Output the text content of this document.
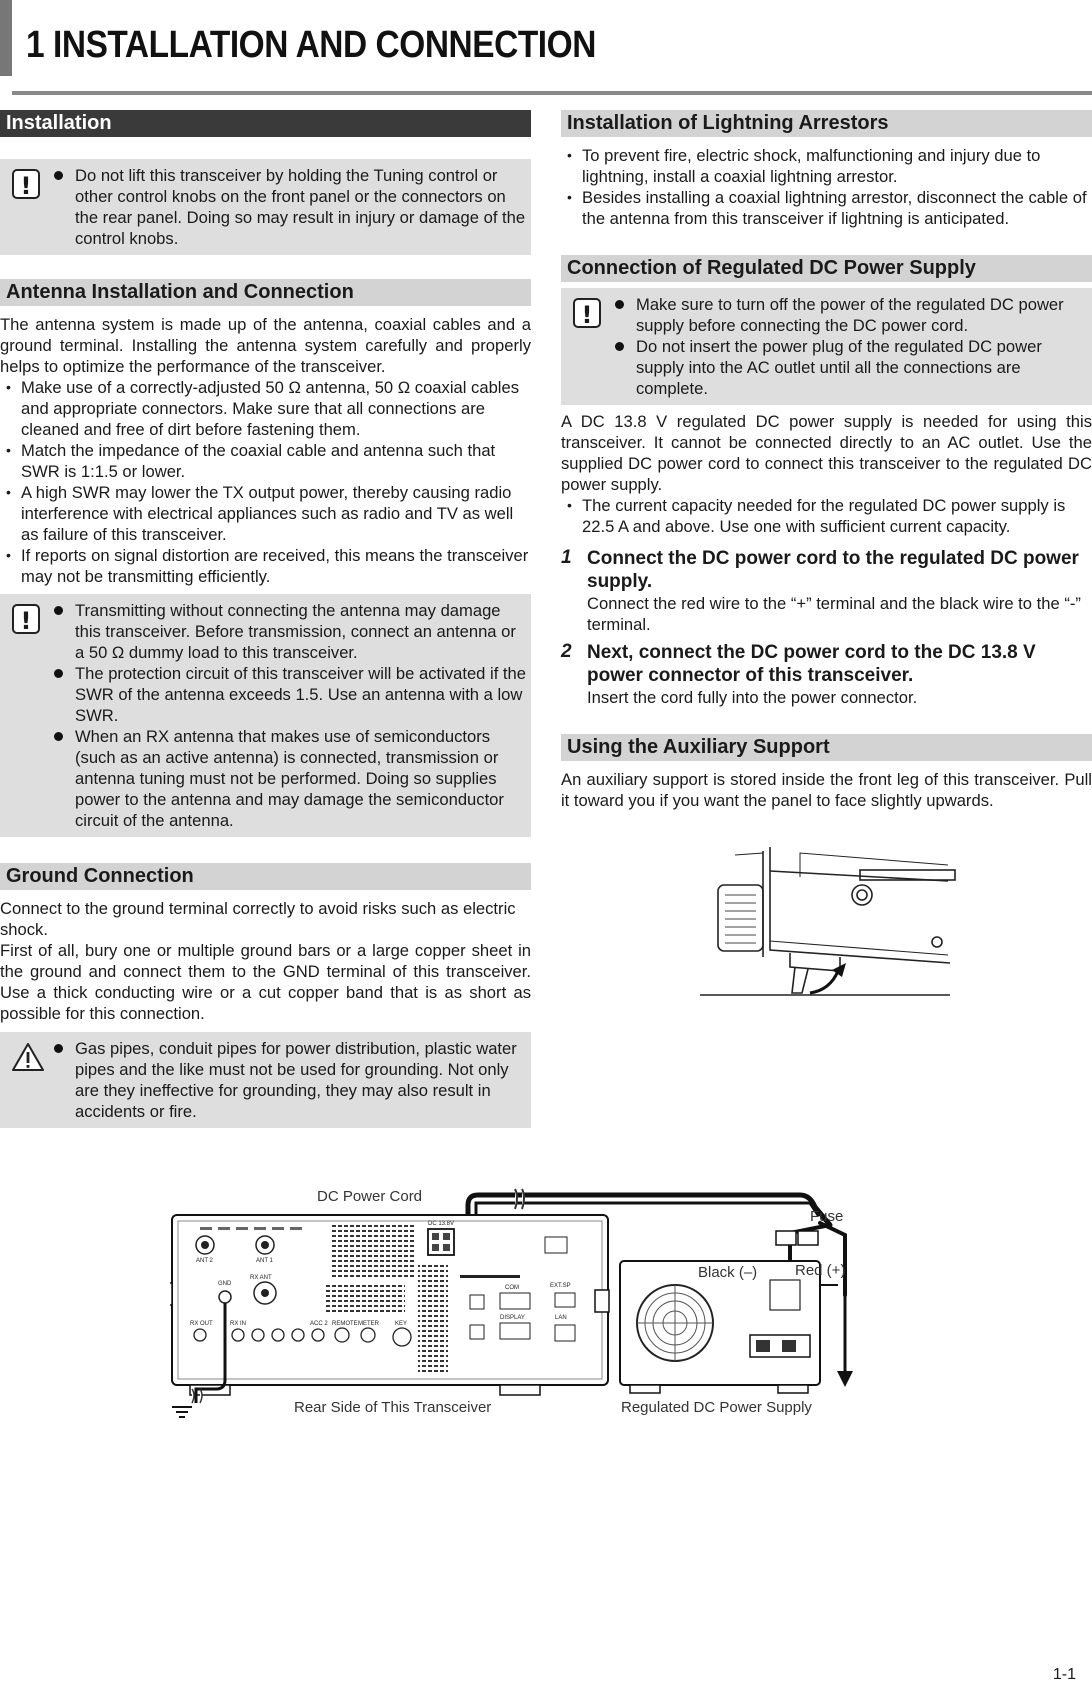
1 INSTALLATION AND CONNECTION
Installation
!	Do not lift this transceiver by holding the Tuning control or other control knobs on the front panel or the connectors on the rear panel. Doing so may result in injury or damage of the control knobs.
Antenna Installation and Connection

The antenna system is made up of the antenna, coaxial cables and a ground terminal. Installing the antenna system carefully and properly helps to optimize the performance of the transceiver.

• Make use of a correctly-adjusted 50 Ω antenna, 50 Ω coaxial cables and appropriate connectors. Make sure that all connections are cleaned and free of dirt before fastening them.
• Match the impedance of the coaxial cable and antenna such that SWR is 1:1.5 or lower.
• A high SWR may lower the TX output power, thereby causing radio interference with electrical appliances such as radio and TV as well as failure of this transceiver.
• If reports on signal distortion are received, this means the transceiver may not be transmitting efficiently.
!	Transmitting without connecting the antenna may damage this transceiver. Before transmission, connect an antenna or a 50 Ω dummy load to this transceiver.
The protection circuit of this transceiver will be activated if the SWR of the antenna exceeds 1.5. Use an antenna with a low SWR.
When an RX antenna that makes use of semiconductors (such as an active antenna) is connected, transmission or antenna tuning must not be performed. Doing so supplies power to the antenna and may damage the semiconductor circuit of the antenna.
Ground Connection

Connect to the ground terminal correctly to avoid risks such as electric shock.

First of all, bury one or multiple ground bars or a large copper sheet in the ground and connect them to the GND terminal of this transceiver. Use a thick conducting wire or a cut copper band that is as short as possible for this connection.

Gas pipes, conduit pipes for power distribution, plastic water pipes and the like must not be used for grounding. Not only are they ineffective for grounding, they may also result in accidents or fire.
Installation of Lightning Arrestors
• To prevent fire, electric shock, malfunctioning and injury due to lightning, install a coaxial lightning arrestor.
• Besides installing a coaxial lightning arrestor, disconnect the cable of the antenna from this transceiver if lightning is anticipated.
Connection of Regulated DC Power Supply
!	Make sure to turn off the power of the regulated DC power supply before connecting the DC power cord.
Do not insert the power plug of the regulated DC power supply into the AC outlet until all the connections are complete.

A DC 13.8 V regulated DC power supply is needed for using this transceiver. It cannot be connected directly to an AC outlet. Use the supplied DC power cord to connect this transceiver to the regulated DC power supply.

• The current capacity needed for the regulated DC power supply is 22.5 A and above. Use one with sufficient current capacity.
1 Connect the DC power cord to the regulated DC power supply.

Connect the red wire to the “+” terminal and the black wire to the “-” terminal.

2 Next, connect the DC power cord to the DC 13.8 V power connector of this transceiver.

Insert the cord fully into the power connector.

Using the Auxiliary Support

An auxiliary support is stored inside the front leg of this transceiver. Pull it toward you if you want the panel to face slightly upwards.

ANT 1
ANT 2
DC 13.8V
GND
RX ANT
RX OUT	RX IN	ACC 2 REMOTE METER	KEY
COM
DISPLAY	LAN
EXT.SP
DC Power Cord
Fuse
Black (–)	Red (+)
Rear Side of This Transceiver	Regulated DC Power Supply
1-1
